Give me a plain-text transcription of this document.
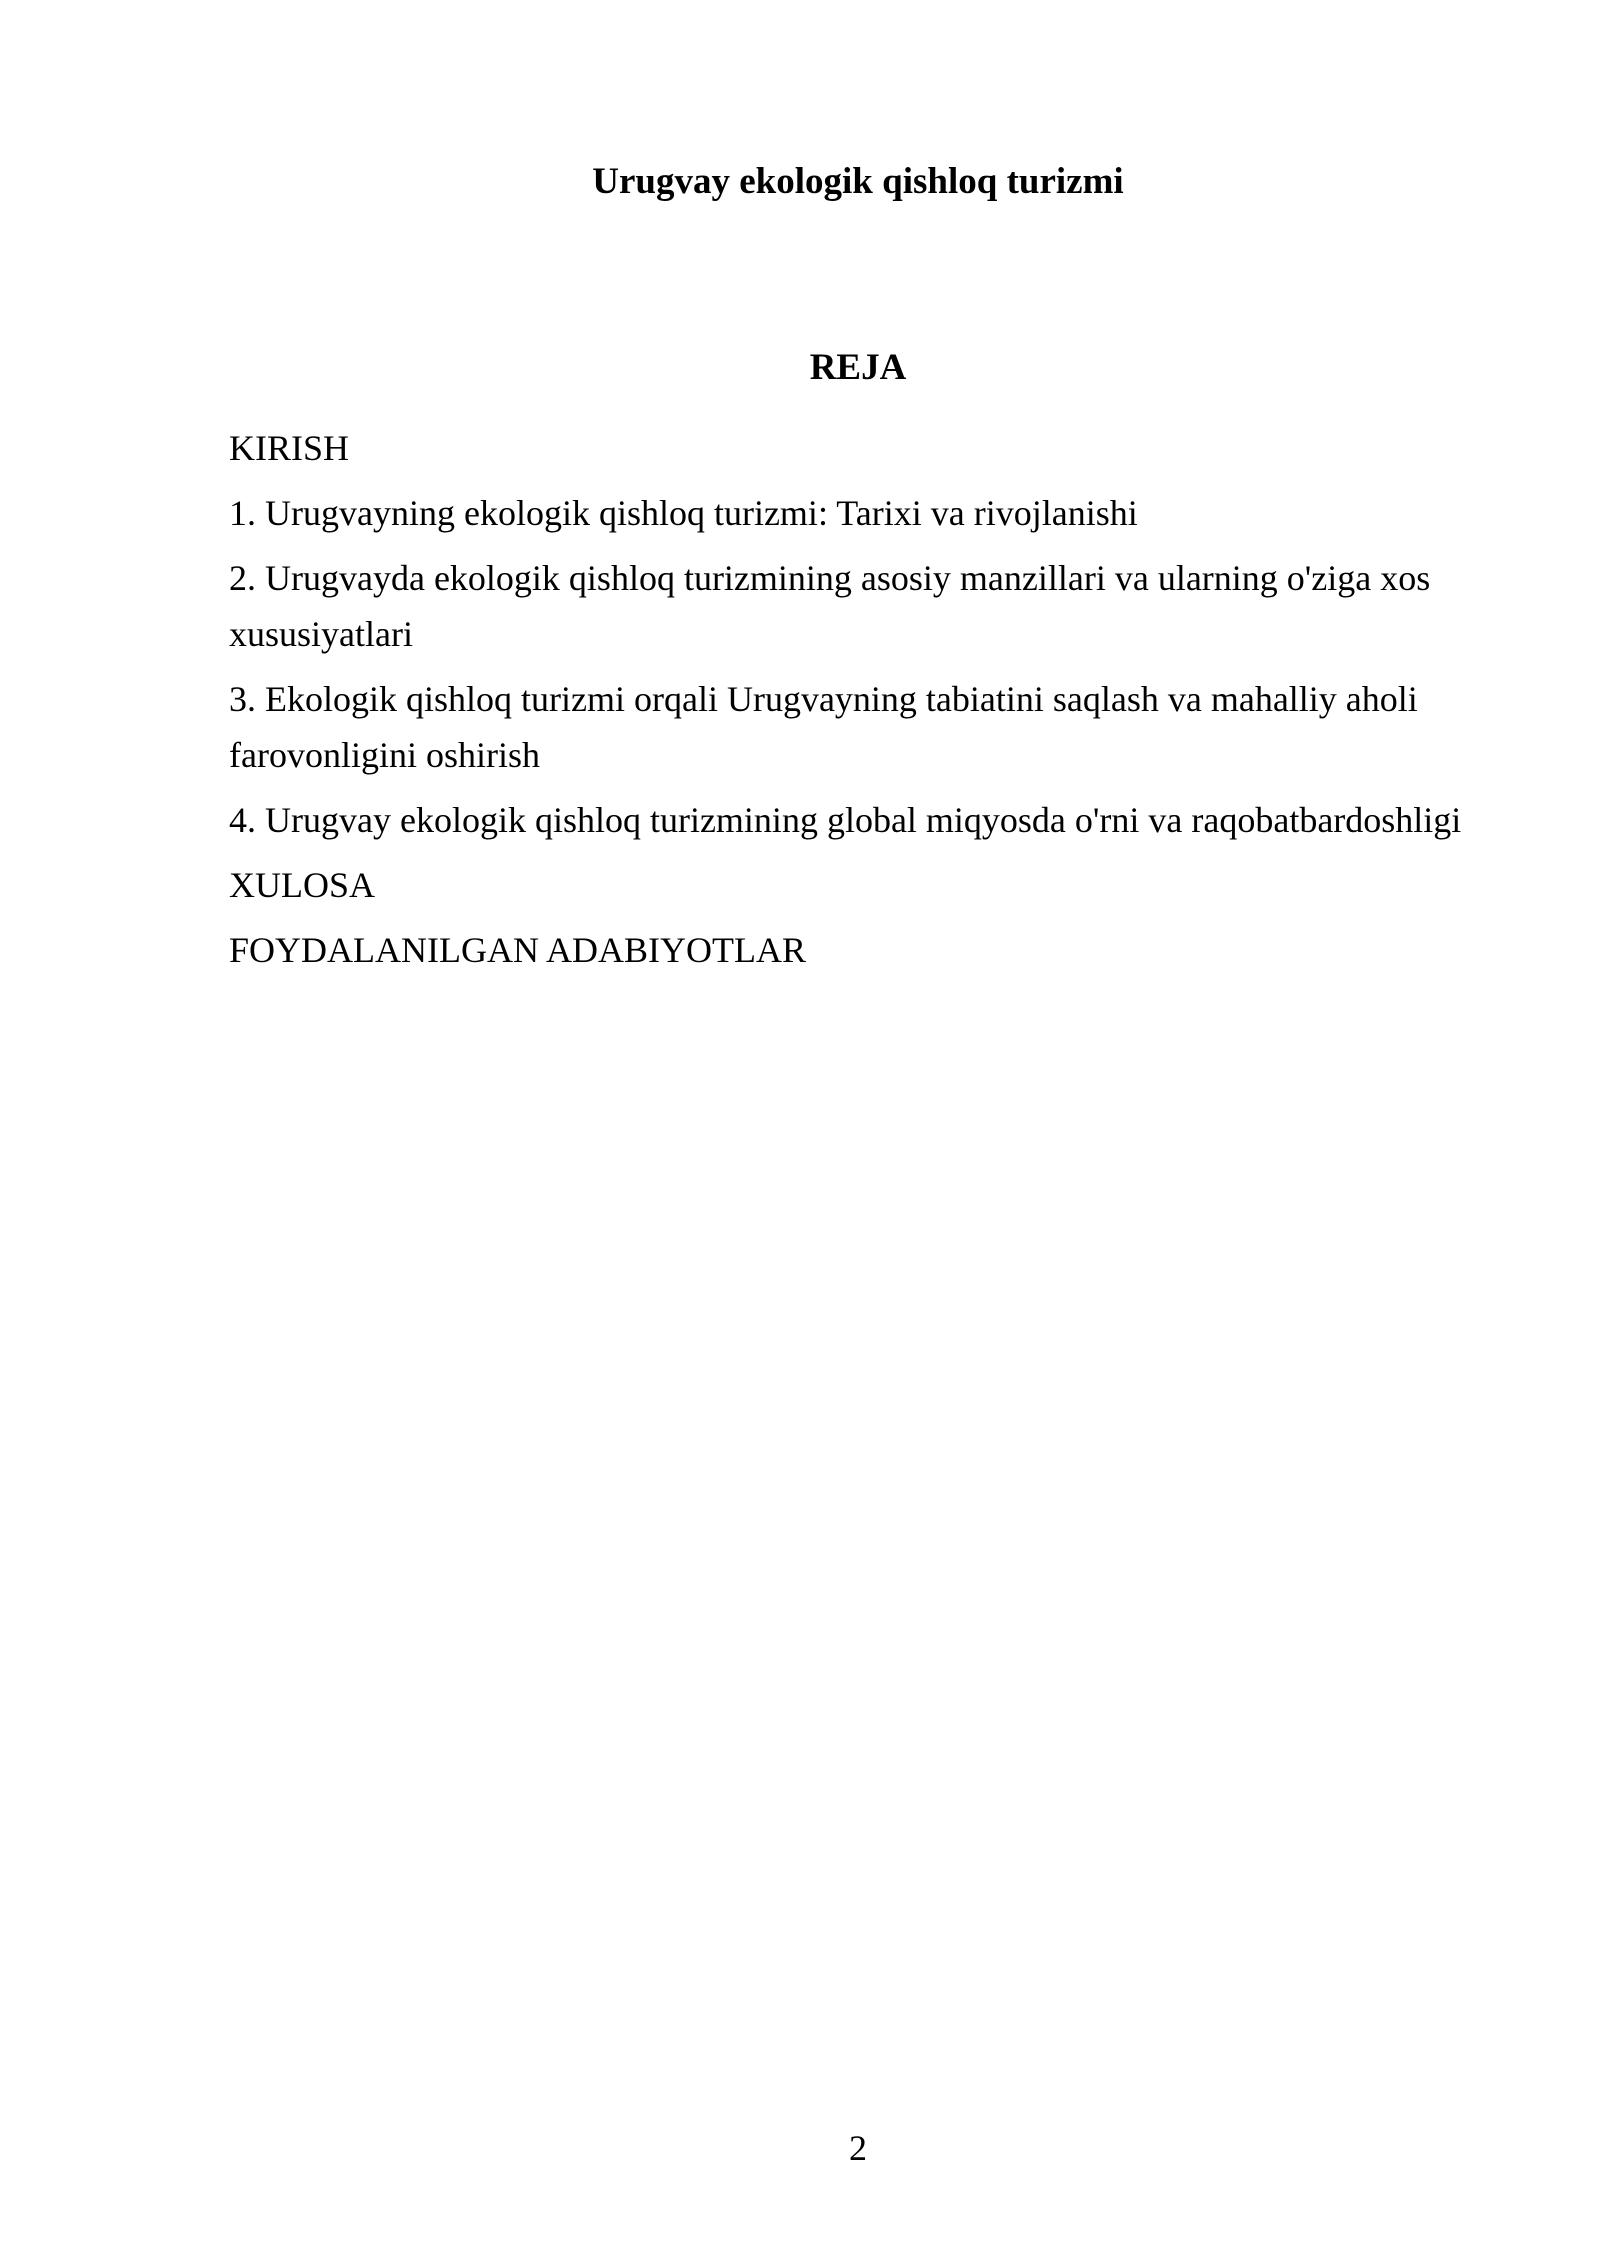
Urugvay ekologik qishloq turizmi
REJA
KIRISH
1. Urugvayning ekologik qishloq turizmi: Tarixi va rivojlanishi
2. Urugvayda ekologik qishloq turizmining asosiy manzillari va ularning o'ziga xos xususiyatlari
3. Ekologik qishloq turizmi orqali Urugvayning tabiatini saqlash va mahalliy aholi farovonligini oshirish
4. Urugvay ekologik qishloq turizmining global miqyosda o'rni va raqobatbardoshligi
XULOSA
FOYDALANILGAN ADABIYOTLAR
2
